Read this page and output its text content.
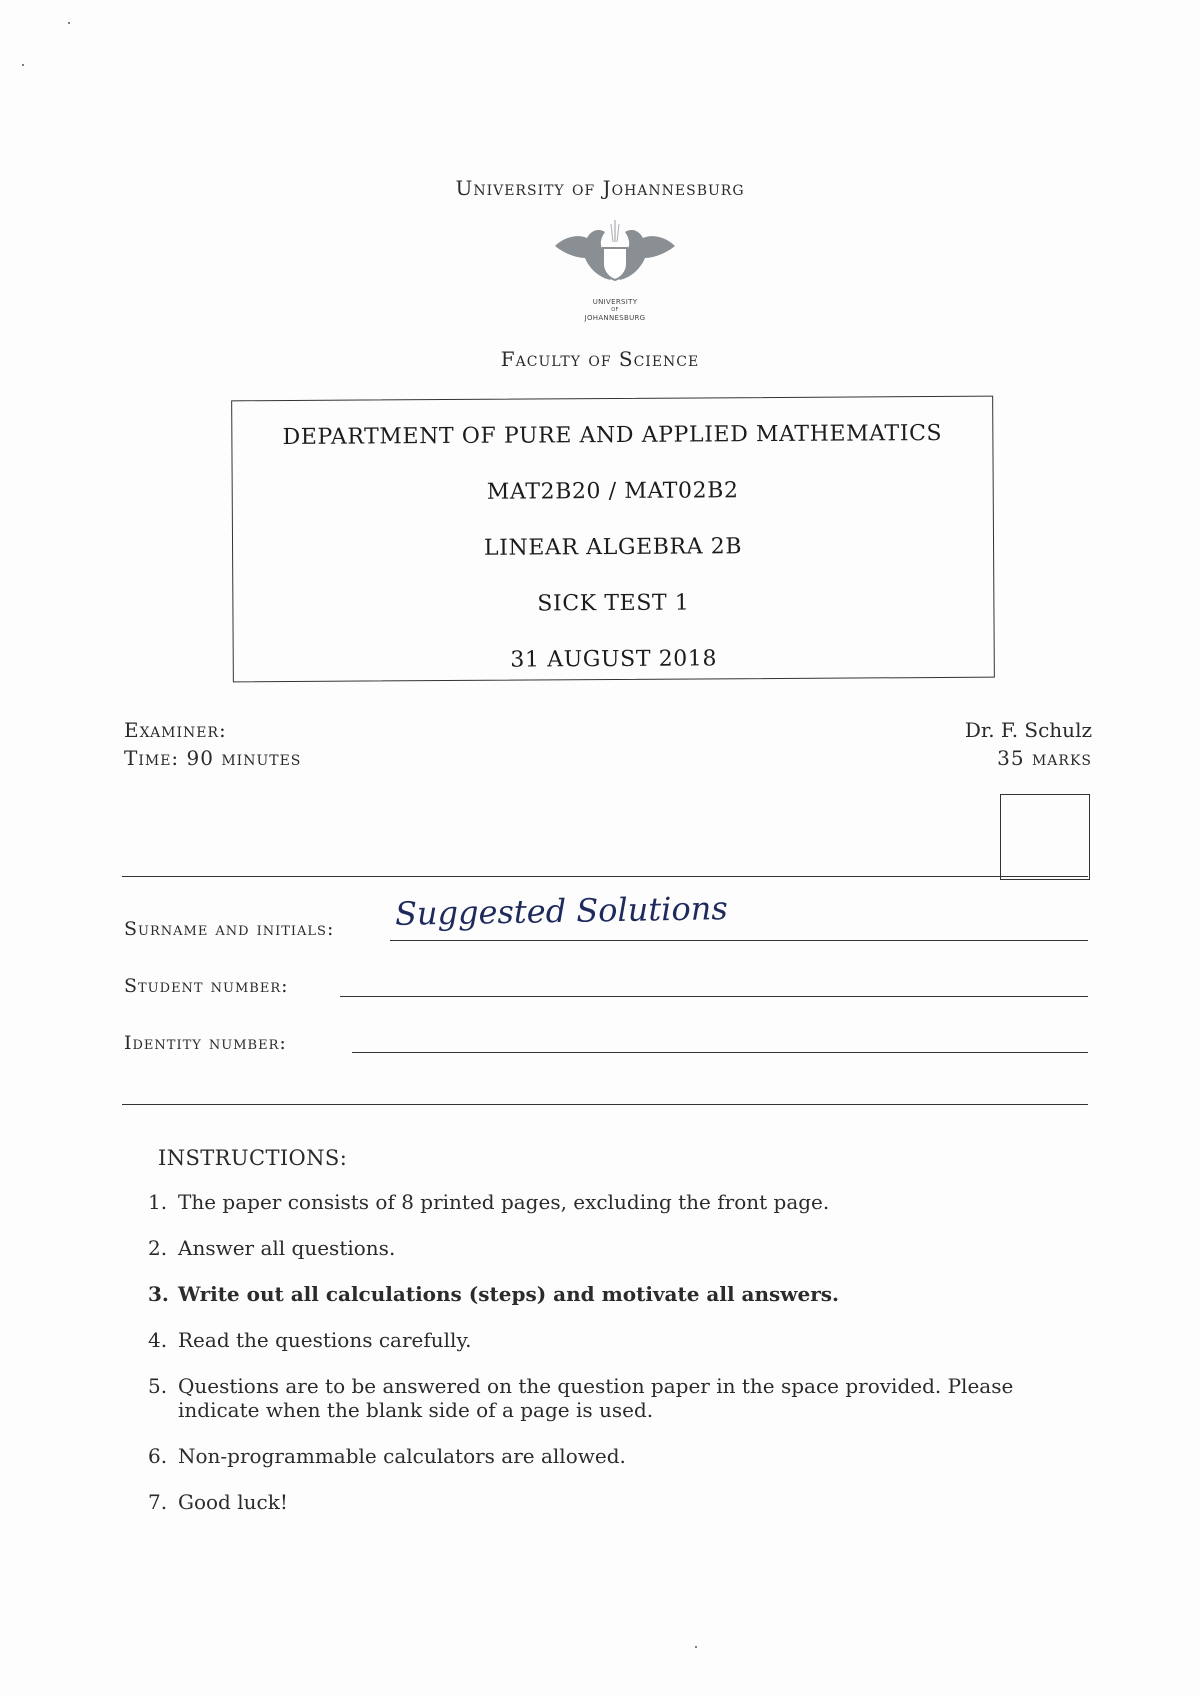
University of Johannesburg
UNIVERSITY
OF
JOHANNESBURG
Faculty of Science
DEPARTMENT OF PURE AND APPLIED MATHEMATICS
MAT2B20 / MAT02B2
LINEAR ALGEBRA 2B
SICK TEST 1
31 AUGUST 2018
Examiner:
Time: 90 minutes
Dr. F. Schulz
35 marks
Surname and initials: Suggested Solutions
Student number:
Identity number:
INSTRUCTIONS:
1. The paper consists of 8 printed pages, excluding the front page.
2. Answer all questions.
3. Write out all calculations (steps) and motivate all answers.
4. Read the questions carefully.
5. Questions are to be answered on the question paper in the space provided. Please indicate when the blank side of a page is used.
6. Non-programmable calculators are allowed.
7. Good luck!
